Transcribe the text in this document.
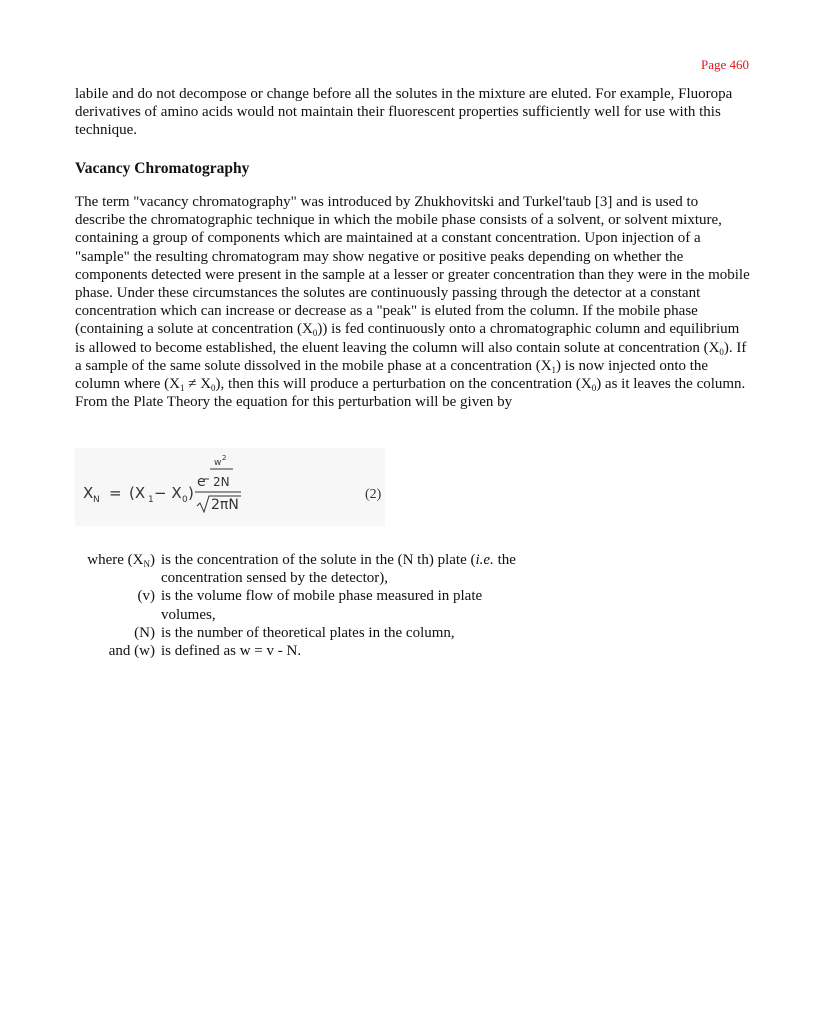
Page 460

labile and do not decompose or change before all the solutes in the mixture are eluted. For example, Fluoropa derivatives of amino acids would not maintain their fluorescent properties sufficiently well for use with this technique.

Vacancy Chromatography

The term "vacancy chromatography" was introduced by Zhukhovitski and Turkel'taub [3] and is used to describe the chromatographic technique in which the mobile phase consists of a solvent, or solvent mixture, containing a group of components which are maintained at a constant concentration. Upon injection of a "sample" the resulting chromatogram may show negative or positive peaks depending on whether the components detected were present in the sample at a lesser or greater concentration than they were in the mobile phase. Under these circumstances the solutes are continuously passing through the detector at a constant concentration which can increase or decrease as a "peak" is eluted from the column. If the mobile phase (containing a solute at concentration $(X_0)$) is fed continuously onto a chromatographic column and equilibrium is allowed to become established, the eluent leaving the column will also contain solute at concentration $(X_0)$. If a sample of the same solute dissolved in the mobile phase at a concentration $(X_1)$ is now injected onto the column where $(X_1 \ne X_0)$, then this will produce a perturbation on the concentration $(X_0)$ as it leaves the column. From the Plate Theory the equation for this perturbation will be given by

X N = (X 1 − X 0 )
e
w 2
2N
2πN
(2)
where $(X_N)$ is the concentration of the solute in the (N th) plate (i.e. the concentration sensed by the detector),
(v) is the volume flow of mobile phase measured in plate volumes,
(N) is the number of theoretical plates in the column,
and (w) is defined as w = v - N.
